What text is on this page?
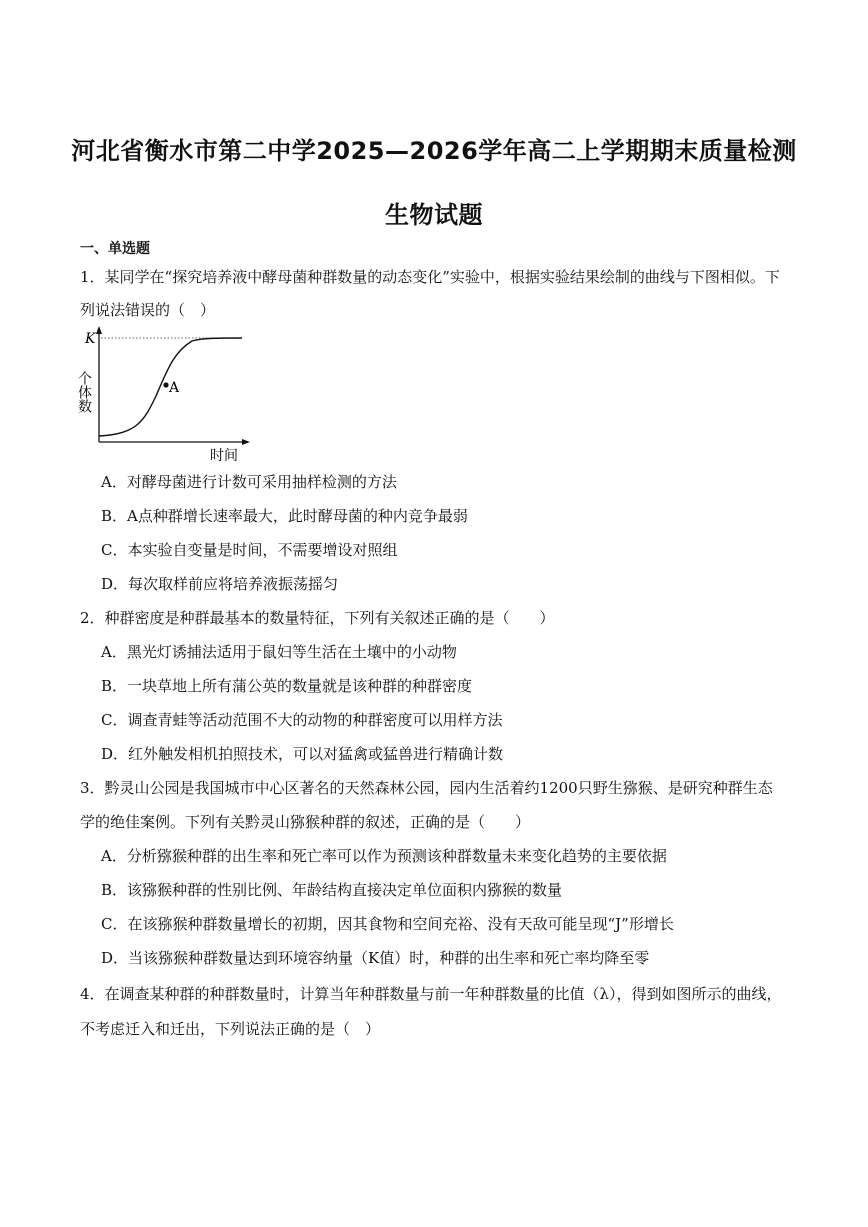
河北省衡水市第二中学2025—2026学年高二上学期期末质量检测
生物试题
一、单选题
1．某同学在“探究培养液中酵母菌种群数量的动态变化”实验中，根据实验结果绘制的曲线与下图相似。下
列说法错误的（　）
K
A
个体数
时间
A．对酵母菌进行计数可采用抽样检测的方法
B．A点种群增长速率最大，此时酵母菌的种内竞争最弱
C．本实验自变量是时间，不需要增设对照组
D．每次取样前应将培养液振荡摇匀
2．种群密度是种群最基本的数量特征，下列有关叙述正确的是（　　）
A．黑光灯诱捕法适用于鼠妇等生活在土壤中的小动物
B．一块草地上所有蒲公英的数量就是该种群的种群密度
C．调查青蛙等活动范围不大的动物的种群密度可以用样方法
D．红外触发相机拍照技术，可以对猛禽或猛兽进行精确计数
3．黔灵山公园是我国城市中心区著名的天然森林公园，园内生活着约1200只野生猕猴、是研究种群生态
学的绝佳案例。下列有关黔灵山猕猴种群的叙述，正确的是（　　）
A．分析猕猴种群的出生率和死亡率可以作为预测该种群数量未来变化趋势的主要依据
B．该猕猴种群的性别比例、年龄结构直接决定单位面积内猕猴的数量
C．在该猕猴种群数量增长的初期，因其食物和空间充裕、没有天敌可能呈现“J”形增长
D．当该猕猴种群数量达到环境容纳量（K值）时，种群的出生率和死亡率均降至零
4．在调查某种群的种群数量时，计算当年种群数量与前一年种群数量的比值（λ），得到如图所示的曲线，
不考虑迁入和迁出，下列说法正确的是（　）
